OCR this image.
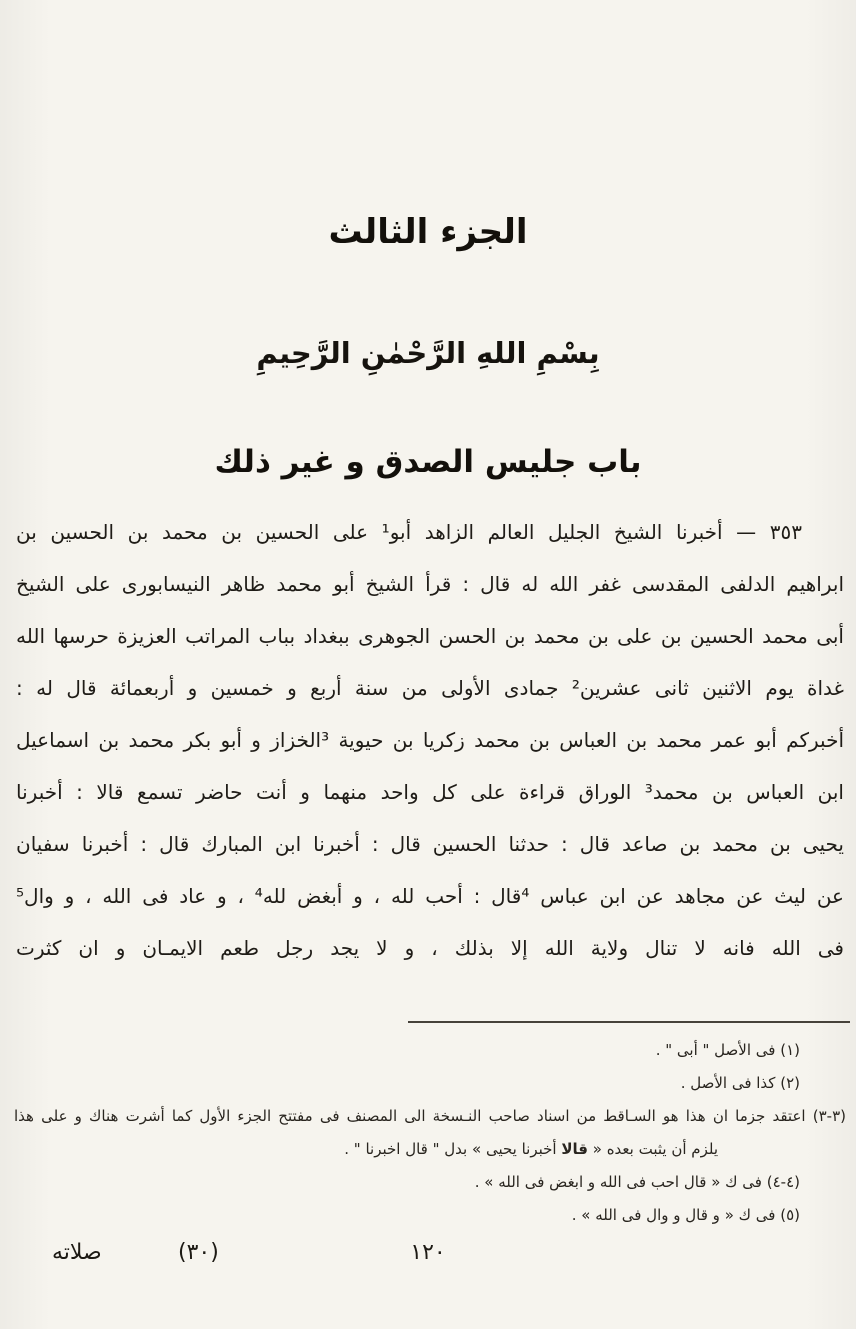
الجزء الثالث
بِسْمِ اللهِ الرَّحْمٰنِ الرَّحِيمِ
باب جليس الصدق و غير ذلك

٣٥٣ — أخبرنا الشيخ الجليل العالم الزاهد أبو¹ على الحسين بن محمد بن الحسين بن

ابراهيم الدلفى المقدسى غفر الله له قال : قرأ الشيخ أبو محمد ظاهر النيسابورى على الشيخ

أبى محمد الحسين بن على بن محمد بن الحسن الجوهرى ببغداد بباب المراتب العزيزة حرسها الله

غداة يوم الاثنين ثانى عشرين² جمادى الأولى من سنة أربع و خمسين و أربعمائة قال له :

أخبركم أبو عمر محمد بن العباس بن محمد زكريا بن حيوية ³الخزاز و أبو بكر محمد بن اسماعيل

ابن العباس بن محمد³ الوراق قراءة على كل واحد منهما و أنت حاضر تسمع قالا : أخبرنا

يحيى بن محمد بن صاعد قال : حدثنا الحسين قال : أخبرنا ابن المبارك قال : أخبرنا سفيان

عن ليث عن مجاهد عن ابن عباس ⁴قال : أحب لله ، و أبغض لله⁴ ، و عاد فى الله ، و وال⁵

فى الله فانه لا تنال ولاية الله إلا بذلك ، و لا يجد رجل طعم الايمـان و ان كثرت

(١) فى الأصل " أبى " .

(٢) كذا فى الأصل .

(٣-٣) اعتقد جزما ان هذا هو السـاقط من اسناد صاحب النـسخة الى المصنف فى مفتتح الجزء الأول كما أشرت هناك و على هذا

يلزم أن يثبت بعده « قالا أخبرنا يحيى » بدل " قال اخبرنا " .

(٤-٤) فى ك « قال احب فى الله و ابغض فى الله » .

(٥) فى ك « و قال و وال فى الله » .

صلاته	(٣٠)	١٢٠
